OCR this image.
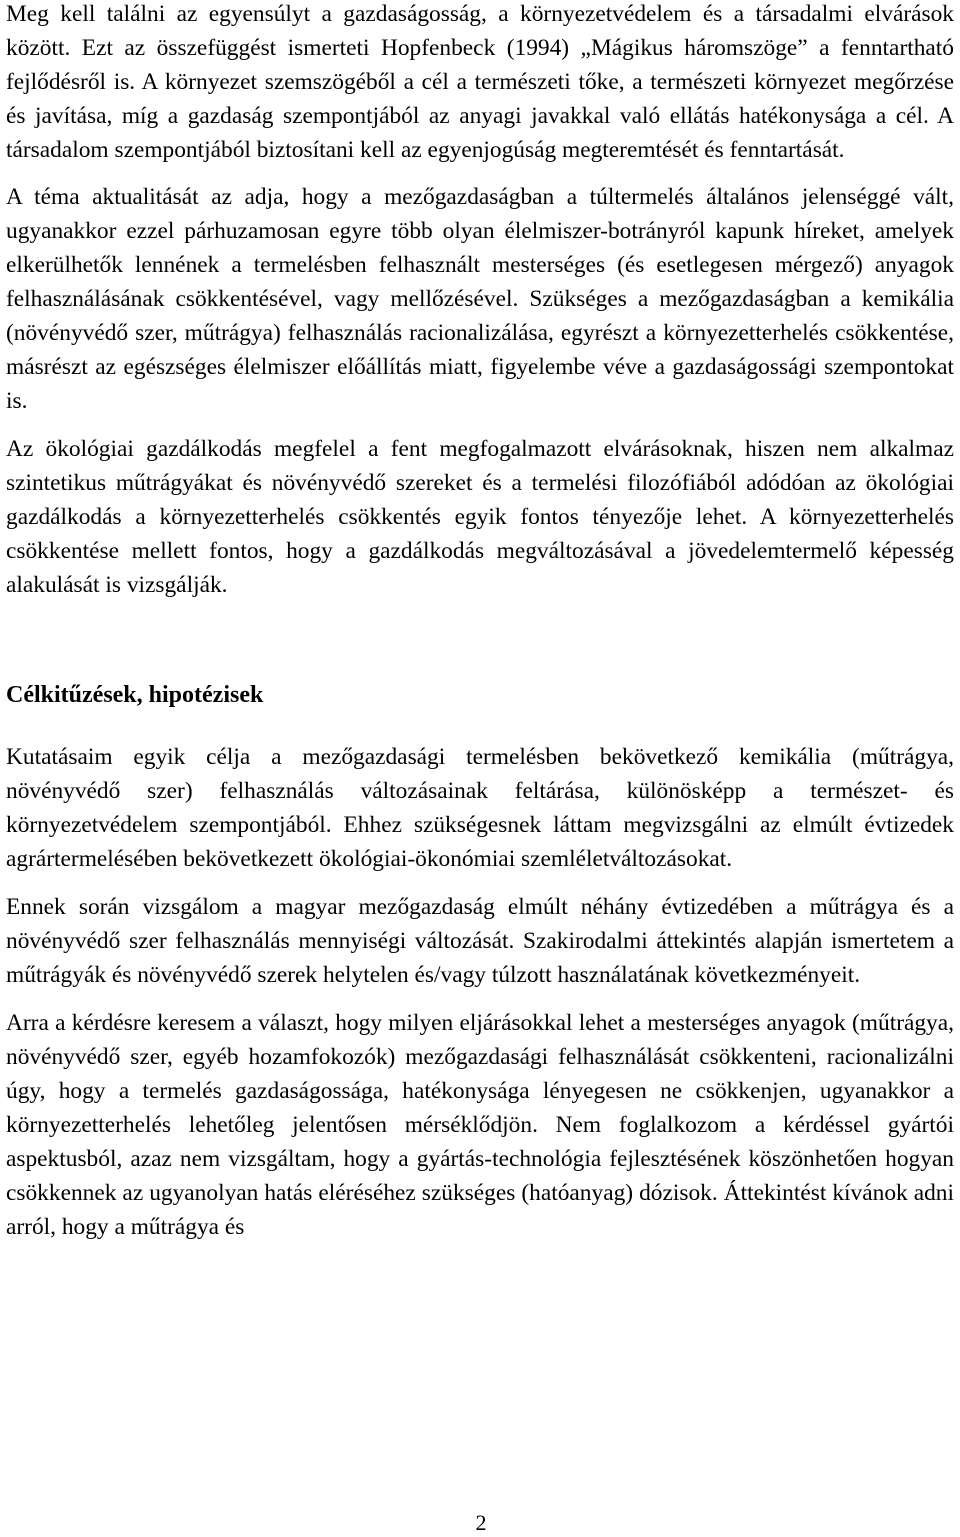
Meg kell találni az egyensúlyt a gazdaságosság, a környezetvédelem és a társadalmi elvárások között. Ezt az összefüggést ismerteti Hopfenbeck (1994) „Mágikus háromszöge” a fenntartható fejlődésről is. A környezet szemszögéből a cél a természeti tőke, a természeti környezet megőrzése és javítása, míg a gazdaság szempontjából az anyagi javakkal való ellátás hatékonysága a cél. A társadalom szempontjából biztosítani kell az egyenjogúság megteremtését és fenntartását.

A téma aktualitását az adja, hogy a mezőgazdaságban a túltermelés általános jelenséggé vált, ugyanakkor ezzel párhuzamosan egyre több olyan élelmiszer-botrányról kapunk híreket, amelyek elkerülhetők lennének a termelésben felhasznált mesterséges (és esetlegesen mérgező) anyagok felhasználásának csökkentésével, vagy mellőzésével. Szükséges a mezőgazdaságban a kemikália (növényvédő szer, műtrágya) felhasználás racionalizálása, egyrészt a környezetterhelés csökkentése, másrészt az egészséges élelmiszer előállítás miatt, figyelembe véve a gazdaságossági szempontokat is.

Az ökológiai gazdálkodás megfelel a fent megfogalmazott elvárásoknak, hiszen nem alkalmaz szintetikus műtrágyákat és növényvédő szereket és a termelési filozófiából adódóan az ökológiai gazdálkodás a környezetterhelés csökkentés egyik fontos tényezője lehet. A környezetterhelés csökkentése mellett fontos, hogy a gazdálkodás megváltozásával a jövedelemtermelő képesség alakulását is vizsgálják.

Célkitűzések, hipotézisek

Kutatásaim egyik célja a mezőgazdasági termelésben bekövetkező kemikália (műtrágya, növényvédő szer) felhasználás változásainak feltárása, különösképp a természet- és környezetvédelem szempontjából. Ehhez szükségesnek láttam megvizsgálni az elmúlt évtizedek agrártermelésében bekövetkezett ökológiai-ökonómiai szemléletváltozásokat.

Ennek során vizsgálom a magyar mezőgazdaság elmúlt néhány évtizedében a műtrágya és a növényvédő szer felhasználás mennyiségi változását. Szakirodalmi áttekintés alapján ismertetem a műtrágyák és növényvédő szerek helytelen és/vagy túlzott használatának következményeit.

Arra a kérdésre keresem a választ, hogy milyen eljárásokkal lehet a mesterséges anyagok (műtrágya, növényvédő szer, egyéb hozamfokozók) mezőgazdasági felhasználását csökkenteni, racionalizálni úgy, hogy a termelés gazdaságossága, hatékonysága lényegesen ne csökkenjen, ugyanakkor a környezetterhelés lehetőleg jelentősen mérséklődjön. Nem foglalkozom a kérdéssel gyártói aspektusból, azaz nem vizsgáltam, hogy a gyártás-technológia fejlesztésének köszönhetően hogyan csökkennek az ugyanolyan hatás eléréséhez szükséges (hatóanyag) dózisok. Áttekintést kívánok adni arról, hogy a műtrágya és

2
